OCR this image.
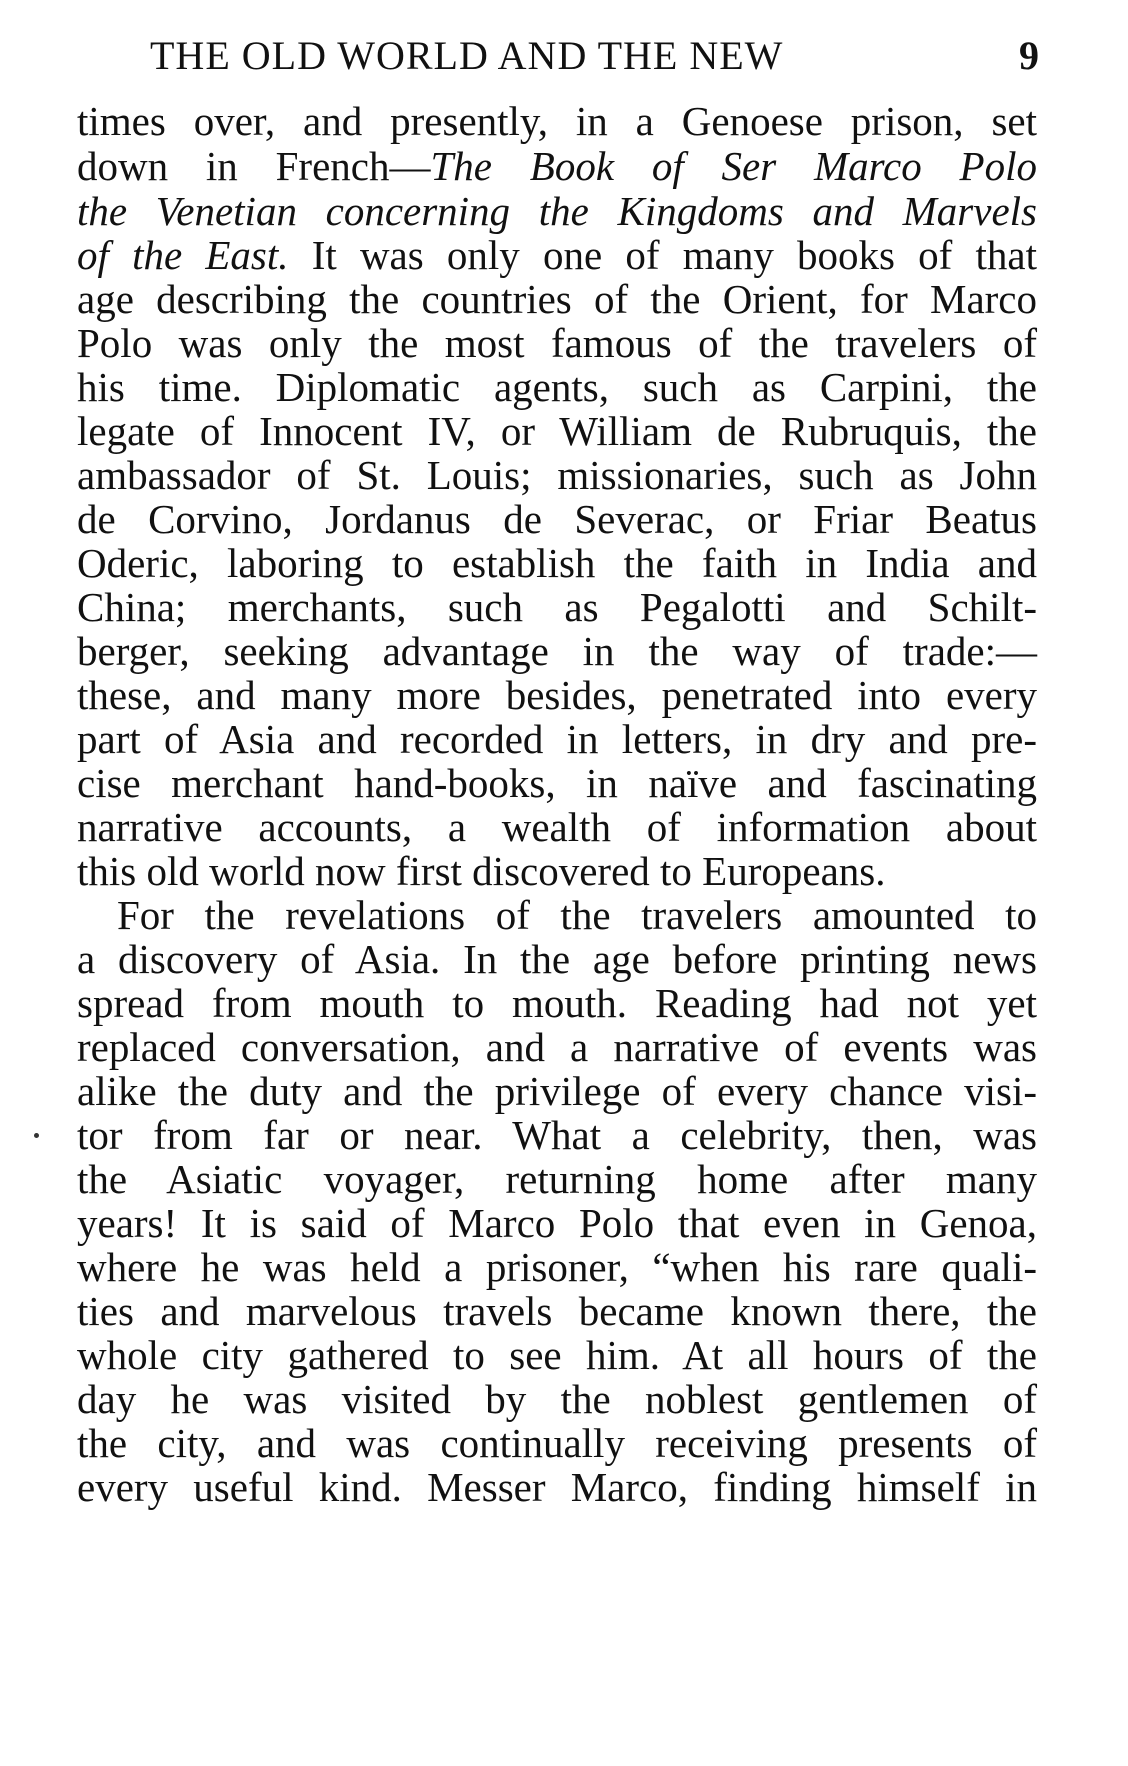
THE OLD WORLD AND THE NEW	9
times over, and presently, in a Genoese prison, set
down in French—The Book of Ser Marco Polo
the Venetian concerning the Kingdoms and Marvels
of the East. It was only one of many books of that
age describing the countries of the Orient, for Marco
Polo was only the most famous of the travelers of
his time. Diplomatic agents, such as Carpini, the
legate of Innocent IV, or William de Rubruquis, the
ambassador of St. Louis; missionaries, such as John
de Corvino, Jordanus de Severac, or Friar Beatus
Oderic, laboring to establish the faith in India and
China; merchants, such as Pegalotti and Schilt-
berger, seeking advantage in the way of trade:—
these, and many more besides, penetrated into every
part of Asia and recorded in letters, in dry and pre-
cise merchant hand-books, in naïve and fascinating
narrative accounts, a wealth of information about
this old world now first discovered to Europeans.
For the revelations of the travelers amounted to
a discovery of Asia. In the age before printing news
spread from mouth to mouth. Reading had not yet
replaced conversation, and a narrative of events was
alike the duty and the privilege of every chance visi-
tor from far or near. What a celebrity, then, was
the Asiatic voyager, returning home after many
years! It is said of Marco Polo that even in Genoa,
where he was held a prisoner, “when his rare quali-
ties and marvelous travels became known there, the
whole city gathered to see him. At all hours of the
day he was visited by the noblest gentlemen of
the city, and was continually receiving presents of
every useful kind. Messer Marco, finding himself in
